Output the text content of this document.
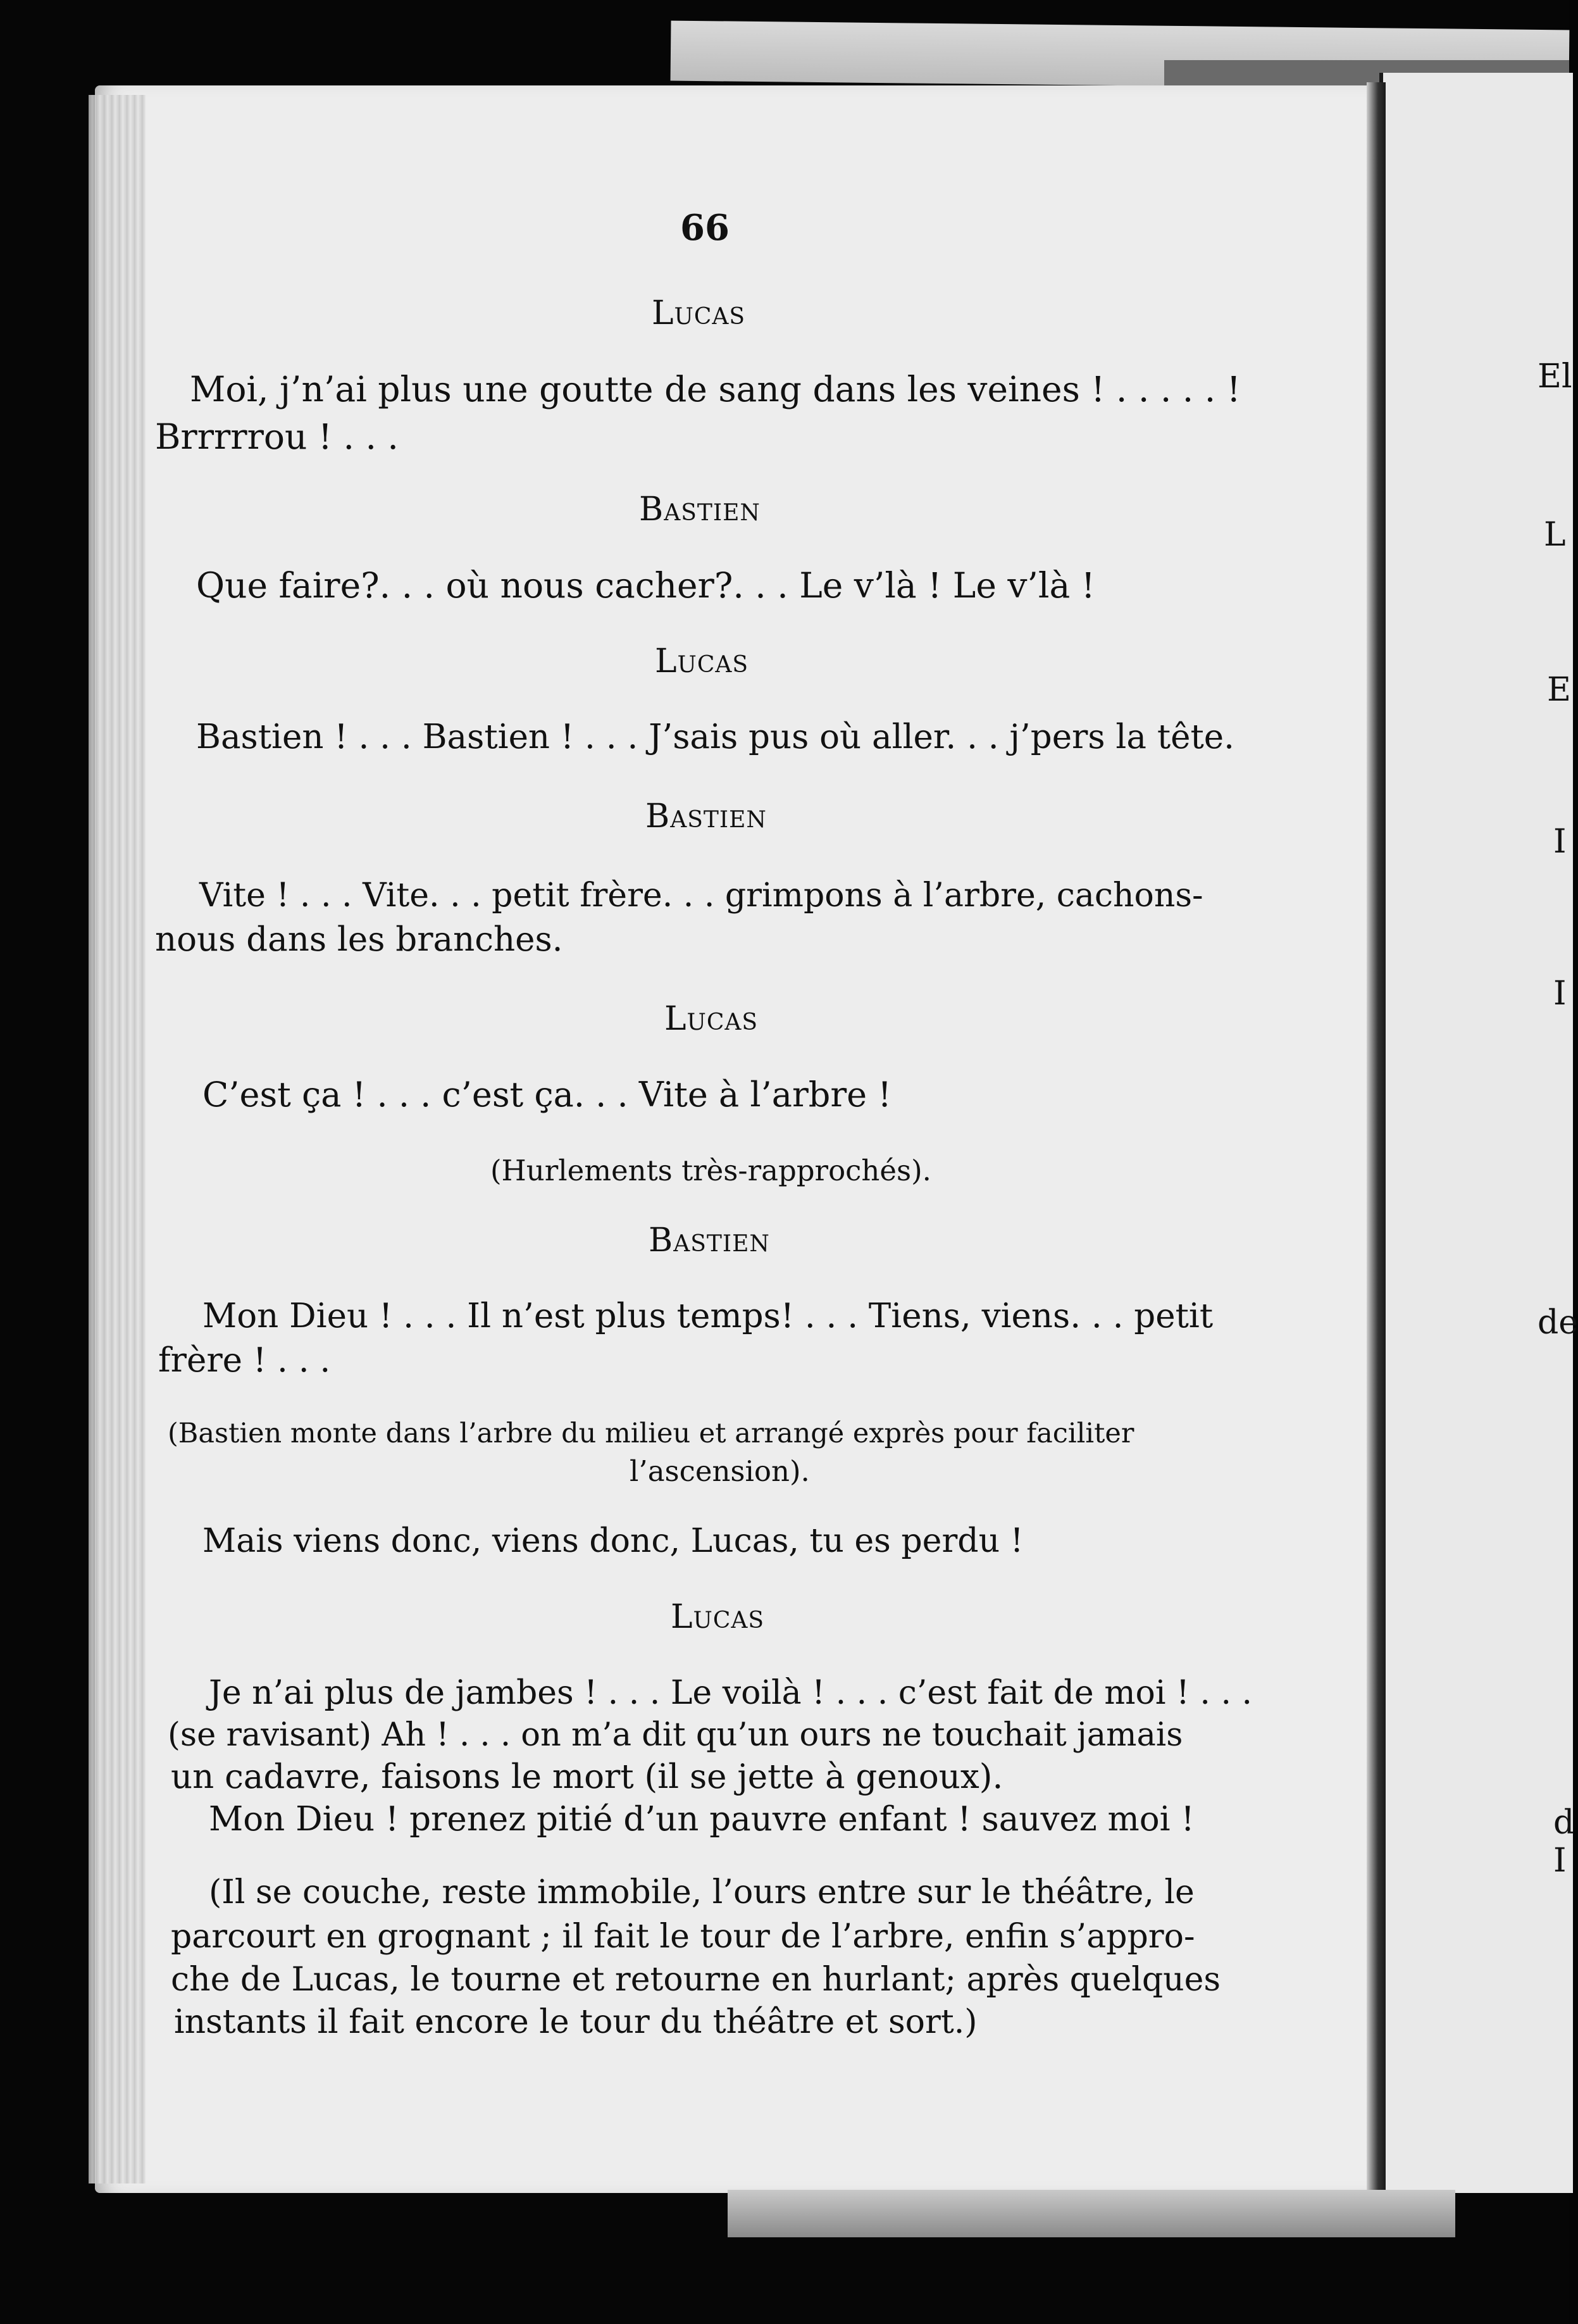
66
Lucas
Moi, j’n’ai plus une goutte de sang dans les veines ! . . . . . !
Brrrrrou ! . . .
Bastien
Que faire?. . . où nous cacher?. . . Le v’là ! Le v’là !
Lucas
Bastien ! . . . Bastien ! . . . J’sais pus où aller. . . j’pers la tête.
Bastien
Vite ! . . . Vite. . . petit frère. . . grimpons à l’arbre, cachons-
nous dans les branches.
Lucas
C’est ça ! . . . c’est ça. . . Vite à l’arbre !
(Hurlements très-rapprochés).
Bastien
Mon Dieu ! . . . Il n’est plus temps! . . . Tiens, viens. . . petit
frère ! . . .
(Bastien monte dans l’arbre du milieu et arrangé exprès pour faciliter
l’ascension).
Mais viens donc, viens donc, Lucas, tu es perdu !
Lucas
Je n’ai plus de jambes ! . . . Le voilà ! . . . c’est fait de moi ! . . .
(se ravisant) Ah ! . . . on m’a dit qu’un ours ne touchait jamais
un cadavre, faisons le mort (il se jette à genoux).
Mon Dieu ! prenez pitié d’un pauvre enfant ! sauvez moi !
(Il se couche, reste immobile, l’ours entre sur le théâtre, le
parcourt en grognant ; il fait le tour de l’arbre, enfin s’appro-
che de Lucas, le tourne et retourne en hurlant; après quelques
instants il fait encore le tour du théâtre et sort.)
El
L
E
I
I
de
d
I
